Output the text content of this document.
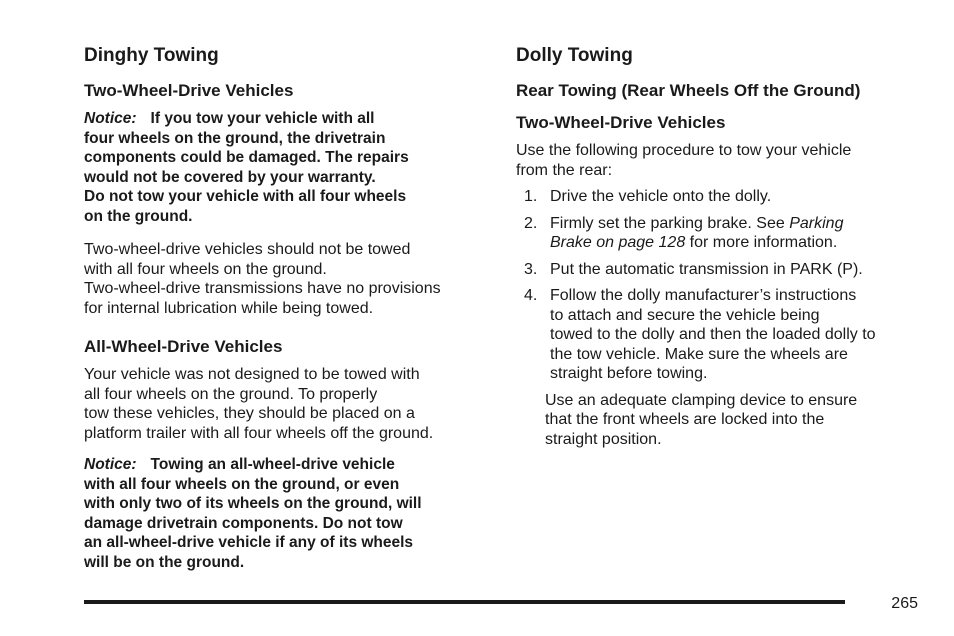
Dinghy Towing
Two-Wheel-Drive Vehicles
Notice: If you tow your vehicle with all
four wheels on the ground, the drivetrain
components could be damaged. The repairs
would not be covered by your warranty.
Do not tow your vehicle with all four wheels
on the ground.
Two-wheel-drive vehicles should not be towed
with all four wheels on the ground.
Two-wheel-drive transmissions have no provisions
for internal lubrication while being towed.
All-Wheel-Drive Vehicles
Your vehicle was not designed to be towed with
all four wheels on the ground. To properly
tow these vehicles, they should be placed on a
platform trailer with all four wheels off the ground.
Notice: Towing an all-wheel-drive vehicle
with all four wheels on the ground, or even
with only two of its wheels on the ground, will
damage drivetrain components. Do not tow
an all-wheel-drive vehicle if any of its wheels
will be on the ground.
Dolly Towing
Rear Towing (Rear Wheels Off the Ground)
Two-Wheel-Drive Vehicles
Use the following procedure to tow your vehicle
from the rear:
1. Drive the vehicle onto the dolly.
2. Firmly set the parking brake. See Parking
Brake on page 128 for more information.
3. Put the automatic transmission in PARK (P).
4. Follow the dolly manufacturer’s instructions
to attach and secure the vehicle being
towed to the dolly and then the loaded dolly to
the tow vehicle. Make sure the wheels are
straight before towing.
Use an adequate clamping device to ensure
that the front wheels are locked into the
straight position.
265
